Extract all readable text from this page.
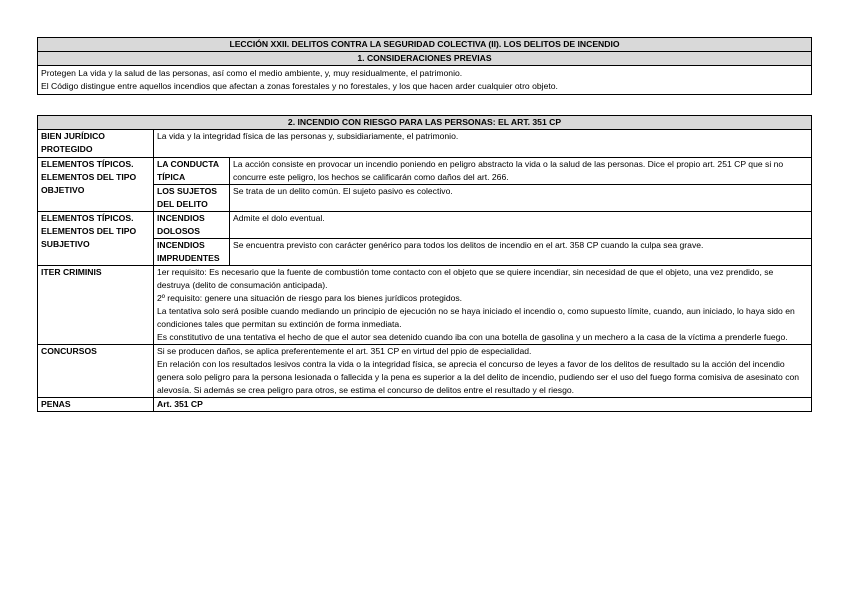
LECCIÓN XXII. DELITOS CONTRA LA SEGURIDAD COLECTIVA (II). LOS DELITOS DE INCENDIO
1. CONSIDERACIONES PREVIAS

Protegen La vida y la salud de las personas, así como el medio ambiente, y, muy residualmente, el patrimonio.
El Código distingue entre aquellos incendios que afectan a zonas forestales y no forestales, y los que hacen arder cualquier otro objeto.
2. INCENDIO CON RIESGO PARA LAS PERSONAS: EL ART. 351 CP		
BIEN JURÍDICO PROTEGIDO	La vida y la integridad física de las personas y, subsidiariamente, el patrimonio.	
ELEMENTOS TÍPICOS. ELEMENTOS DEL TIPO OBJETIVO	LA CONDUCTA TÍPICA	La acción consiste en provocar un incendio poniendo en peligro abstracto la vida o la salud de las personas. Dice el propio art. 251 CP que si no concurre este peligro, los hechos se calificarán como daños del art. 266.
	LOS SUJETOS DEL DELITO	Se trata de un delito común. El sujeto pasivo es colectivo.
ELEMENTOS TÍPICOS. ELEMENTOS DEL TIPO SUBJETIVO	INCENDIOS DOLOSOS	Admite el dolo eventual.
	INCENDIOS IMPRUDENTES	Se encuentra previsto con carácter genérico para todos los delitos de incendio en el art. 358 CP cuando la culpa sea grave.
ITER CRIMINIS	1er requisito: Es necesario que la fuente de combustión tome contacto con el objeto que se quiere incendiar, sin necesidad de que el objeto, una vez prendido, se destruya (delito de consumación anticipada).
2º requisito: genere una situación de riesgo para los bienes jurídicos protegidos.
La tentativa solo será posible cuando mediando un principio de ejecución no se haya iniciado el incendio o, como supuesto límite, cuando, aun iniciado, lo haya sido en condiciones tales que permitan su extinción de forma inmediata.
Es constitutivo de una tentativa el hecho de que el autor sea detenido cuando iba con una botella de gasolina y un mechero a la casa de la víctima a prenderle fuego.	

CONCURSOS	Si se producen daños, se aplica preferentemente el art. 351 CP en virtud del ppio de especialidad.
En relación con los resultados lesivos contra la vida o la integridad física, se aprecia el concurso de leyes a favor de los delitos de resultado su la acción del incendio genera solo peligro para la persona lesionada o fallecida y la pena es superior a la del delito de incendio, pudiendo ser el uso del fuego forma comisiva de asesinato con alevosía. Si además se crea peligro para otros, se estima el concurso de delitos entre el resultado y el riesgo.	

PENAS	Art. 351 CP	
